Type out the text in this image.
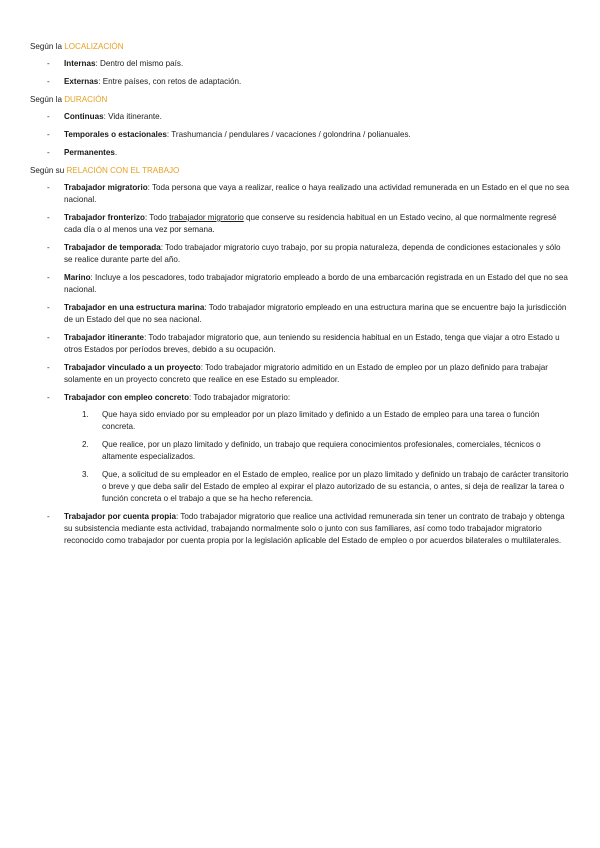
Según la LOCALIZACIÓN

- Internas: Dentro del mismo país.
- Externas: Entre países, con retos de adaptación.

Según la DURACIÓN

- Continuas: Vida itinerante.
- Temporales o estacionales: Trashumancia / pendulares / vacaciones / golondrina / polianuales.
- Permanentes.

Según su RELACIÓN CON EL TRABAJO

- Trabajador migratorio: Toda persona que vaya a realizar, realice o haya realizado una actividad remunerada en un Estado en el que no sea nacional.
- Trabajador fronterizo: Todo trabajador migratorio que conserve su residencia habitual en un Estado vecino, al que normalmente regresé cada día o al menos una vez por semana.
- Trabajador de temporada: Todo trabajador migratorio cuyo trabajo, por su propia naturaleza, dependa de condiciones estacionales y sólo se realice durante parte del año.
- Marino: Incluye a los pescadores, todo trabajador migratorio empleado a bordo de una embarcación registrada en un Estado del que no sea nacional.
- Trabajador en una estructura marina: Todo trabajador migratorio empleado en una estructura marina que se encuentre bajo la jurisdicción de un Estado del que no sea nacional.
- Trabajador itinerante: Todo trabajador migratorio que, aun teniendo su residencia habitual en un Estado, tenga que viajar a otro Estado u otros Estados por períodos breves, debido a su ocupación.
- Trabajador vinculado a un proyecto: Todo trabajador migratorio admitido en un Estado de empleo por un plazo definido para trabajar solamente en un proyecto concreto que realice en ese Estado su empleador.
- Trabajador con empleo concreto: Todo trabajador migratorio:
1. Que haya sido enviado por su empleador por un plazo limitado y definido a un Estado de empleo para una tarea o función concreta.
2. Que realice, por un plazo limitado y definido, un trabajo que requiera conocimientos profesionales, comerciales, técnicos o altamente especializados.
3. Que, a solicitud de su empleador en el Estado de empleo, realice por un plazo limitado y definido un trabajo de carácter transitorio o breve y que deba salir del Estado de empleo al expirar el plazo autorizado de su estancia, o antes, si deja de realizar la tarea o función concreta o el trabajo a que se ha hecho referencia.
- Trabajador por cuenta propia: Todo trabajador migratorio que realice una actividad remunerada sin tener un contrato de trabajo y obtenga su subsistencia mediante esta actividad, trabajando normalmente solo o junto con sus familiares, así como todo trabajador migratorio reconocido como trabajador por cuenta propia por la legislación aplicable del Estado de empleo o por acuerdos bilaterales o multilaterales.
